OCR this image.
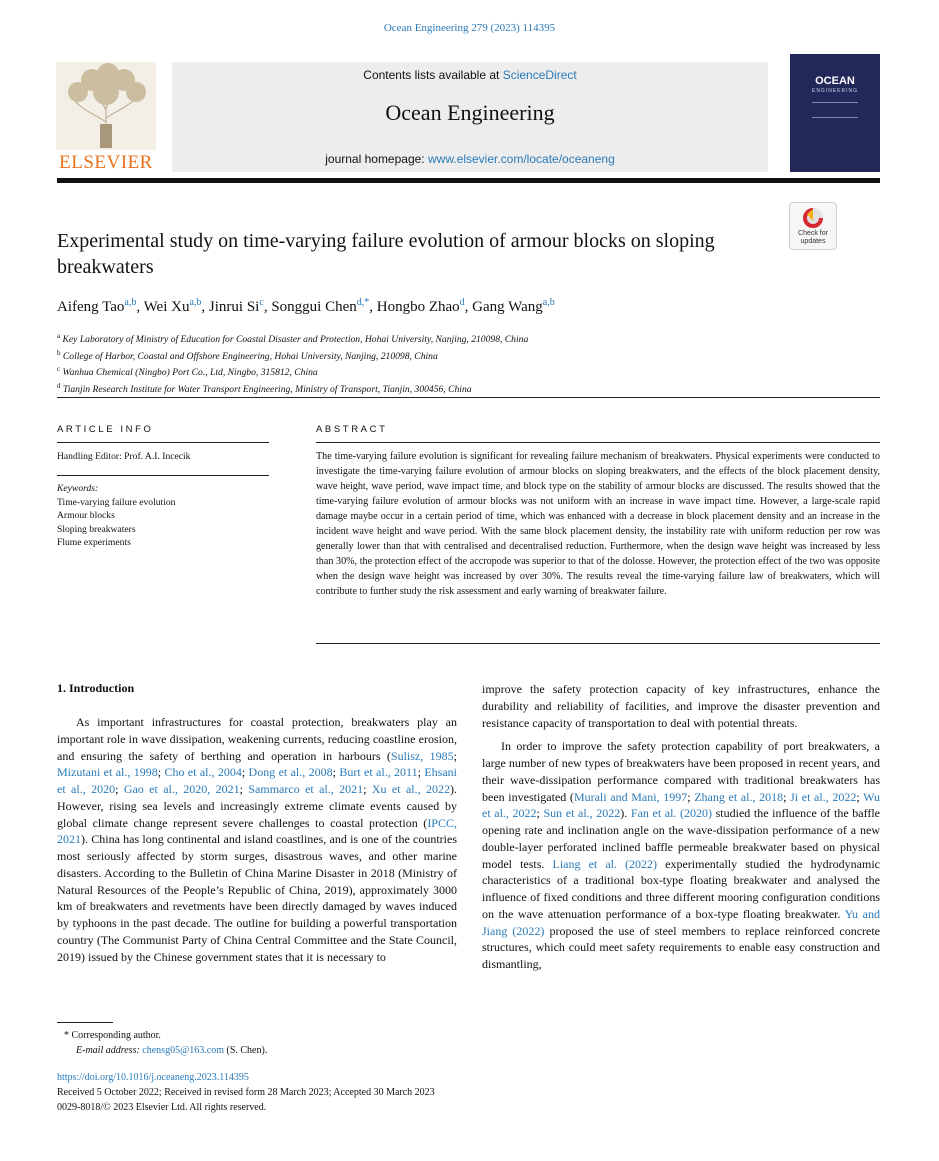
Ocean Engineering 279 (2023) 114395
ELSEVIER
Contents lists available at ScienceDirect
Ocean Engineering
journal homepage: www.elsevier.com/locate/oceaneng
OCEAN
ENGINEERING
Check for
updates
Experimental study on time-varying failure evolution of armour blocks on sloping breakwaters
Aifeng Tao$^{a,b}$, Wei Xu$^{a,b}$, Jinrui Si$^c$, Songgui Chen$^{d,*}$, Hongbo Zhao$^d$, Gang Wang$^{a,b}$
$^a$ Key Laboratory of Ministry of Education for Coastal Disaster and Protection, Hohai University, Nanjing, 210098, China
$^b$ College of Harbor, Coastal and Offshore Engineering, Hohai University, Nanjing, 210098, China
$^c$ Wanhua Chemical (Ningbo) Port Co., Ltd, Ningbo, 315812, China
$^d$ Tianjin Research Institute for Water Transport Engineering, Ministry of Transport, Tianjin, 300456, China
ARTICLE INFO
Handling Editor: Prof. A.I. Incecik
Keywords:
Time-varying failure evolution
Armour blocks
Sloping breakwaters
Flume experiments
ABSTRACT
The time-varying failure evolution is significant for revealing failure mechanism of breakwaters. Physical experiments were conducted to investigate the time-varying failure evolution of armour blocks on sloping breakwaters, and the effects of the block placement density, wave height, wave period, wave impact time, and block type on the stability of armour blocks are discussed. The results showed that the time-varying failure evolution of armour blocks was not uniform with an increase in wave impact time. However, a large-scale rapid damage maybe occur in a certain period of time, which was enhanced with a decrease in block placement density and an increase in the incident wave height and wave period. With the same block placement density, the instability rate with uniform reduction per row was generally lower than that with centralised and decentralised reduction. Furthermore, when the design wave height was increased by less than 30%, the protection effect of the accropode was superior to that of the dolosse. However, the protection effect of the two was opposite when the design wave height was increased by over 30%. The results reveal the time-varying failure law of breakwaters, which will contribute to further study the risk assessment and early warning of breakwater failure.
1. Introduction
As important infrastructures for coastal protection, breakwaters play an important role in wave dissipation, weakening currents, reducing coastline erosion, and ensuring the safety of berthing and operation in harbours (Sulisz, 1985; Mizutani et al., 1998; Cho et al., 2004; Dong et al., 2008; Burt et al., 2011; Ehsani et al., 2020; Gao et al., 2020, 2021; Sammarco et al., 2021; Xu et al., 2022). However, rising sea levels and increasingly extreme climate events caused by global climate change represent severe challenges to coastal protection (IPCC, 2021). China has long continental and island coastlines, and is one of the countries most seriously affected by storm surges, disastrous waves, and other marine disasters. According to the Bulletin of China Marine Disaster in 2018 (Ministry of Natural Resources of the People’s Republic of China, 2019), approximately 3000 km of breakwaters and revetments have been directly damaged by waves induced by typhoons in the past decade. The outline for building a powerful transportation country (The Communist Party of China Central Committee and the State Council, 2019) issued by the Chinese government states that it is necessary to
improve the safety protection capacity of key infrastructures, enhance the durability and reliability of facilities, and improve the disaster prevention and resistance capacity of transportation to deal with potential threats.
In order to improve the safety protection capability of port breakwaters, a large number of new types of breakwaters have been proposed in recent years, and their wave-dissipation performance compared with traditional breakwaters has been investigated (Murali and Mani, 1997; Zhang et al., 2018; Ji et al., 2022; Wu et al., 2022; Sun et al., 2022). Fan et al. (2020) studied the influence of the baffle opening rate and inclination angle on the wave-dissipation performance of a new double-layer perforated inclined baffle permeable breakwater based on physical model tests. Liang et al. (2022) experimentally studied the hydrodynamic characteristics of a traditional box-type floating breakwater and analysed the influence of fixed conditions and three different mooring configuration conditions on the wave attenuation performance of a box-type floating breakwater. Yu and Jiang (2022) proposed the use of steel members to replace reinforced concrete structures, which could meet safety requirements to enable easy construction and dismantling,
* Corresponding author.
E-mail address: chensg05@163.com (S. Chen).
https://doi.org/10.1016/j.oceaneng.2023.114395
Received 5 October 2022; Received in revised form 28 March 2023; Accepted 30 March 2023
0029-8018/© 2023 Elsevier Ltd. All rights reserved.
